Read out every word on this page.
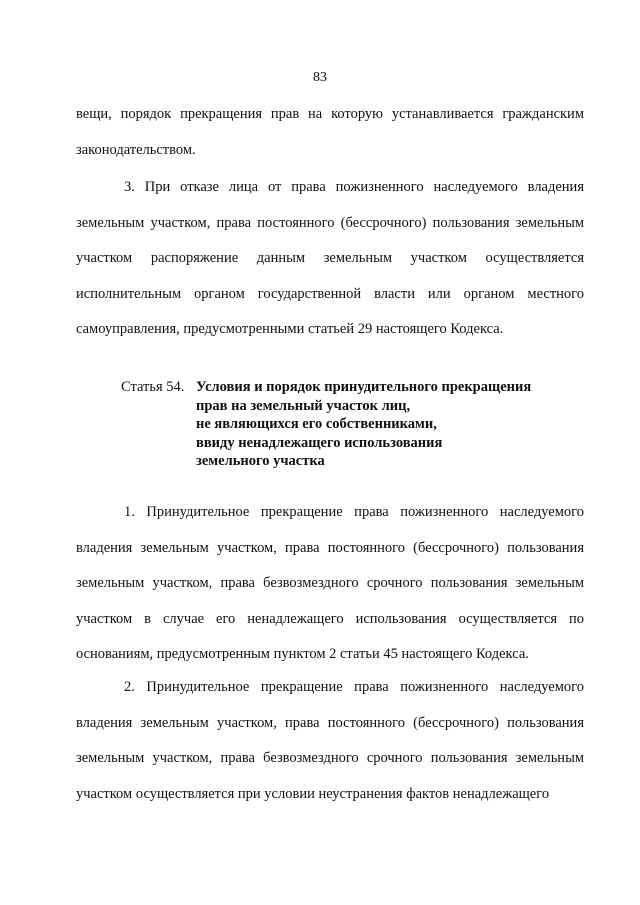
83

вещи, порядок прекращения прав на которую устанавливается гражданским законодательством.

3. При отказе лица от права пожизненного наследуемого владения земельным участком, права постоянного (бессрочного) пользования земельным участком распоряжение данным земельным участком осуществляется исполнительным органом государственной власти или органом местного самоуправления, предусмотренными статьей 29 настоящего Кодекса.

Статья 54. Условия и порядок принудительного прекращения
прав на земельный участок лиц,
не являющихся его собственниками,
ввиду ненадлежащего использования
земельного участка

1. Принудительное прекращение права пожизненного наследуемого владения земельным участком, права постоянного (бессрочного) пользования земельным участком, права безвозмездного срочного пользования земельным участком в случае его ненадлежащего использования осуществляется по основаниям, предусмотренным пунктом 2 статьи 45 настоящего Кодекса.

2. Принудительное прекращение права пожизненного наследуемого владения земельным участком, права постоянного (бессрочного) пользования земельным участком, права безвозмездного срочного пользования земельным участком осуществляется при условии неустранения фактов ненадлежащего
